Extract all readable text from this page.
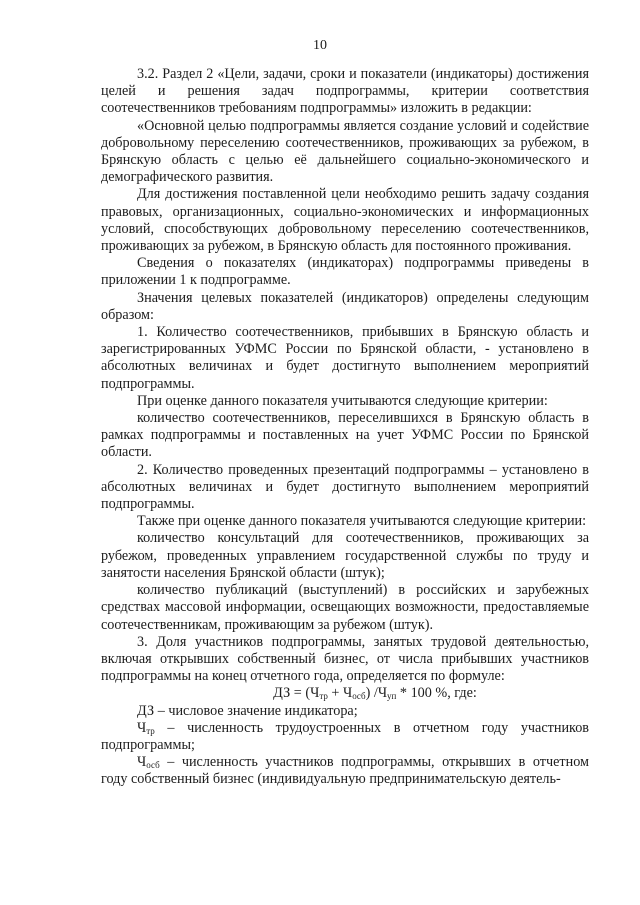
10

3.2. Раздел 2 «Цели, задачи, сроки и показатели (индикаторы) достижения целей и решения задач подпрограммы, критерии соответствия соотечественников требованиям подпрограммы» изложить в редакции:

«Основной целью подпрограммы является создание условий и содействие добровольному переселению соотечественников, проживающих за рубежом, в Брянскую область с целью её дальнейшего социально-экономического и демографического развития.

Для достижения поставленной цели необходимо решить задачу создания правовых, организационных, социально-экономических и информационных условий, способствующих добровольному переселению соотечественников, проживающих за рубежом, в Брянскую область для постоянного проживания.

Сведения о показателях (индикаторах) подпрограммы приведены в приложении 1 к подпрограмме.

Значения целевых показателей (индикаторов) определены следующим образом:

1. Количество соотечественников, прибывших в Брянскую область и зарегистрированных УФМС России по Брянской области, - установлено в абсолютных величинах и будет достигнуто выполнением мероприятий подпрограммы.

При оценке данного показателя учитываются следующие критерии:

количество соотечественников, переселившихся в Брянскую область в рамках подпрограммы и поставленных на учет УФМС России по Брянской области.

2. Количество проведенных презентаций подпрограммы – установлено в абсолютных величинах и будет достигнуто выполнением мероприятий подпрограммы.

Также при оценке данного показателя учитываются следующие критерии:

количество консультаций для соотечественников, проживающих за рубежом, проведенных управлением государственной службы по труду и занятости населения Брянской области (штук);

количество публикаций (выступлений) в российских и зарубежных средствах массовой информации, освещающих возможности, предоставляемые соотечественникам, проживающим за рубежом (штук).

3. Доля участников подпрограммы, занятых трудовой деятельностью, включая открывших собственный бизнес, от числа прибывших участников подпрограммы на конец отчетного года, определяется по формуле:

ДЗ = $(Ч_{тр} + Ч_{осб})$ $/Ч_{уп} * 100$ %, где:

ДЗ – числовое значение индикатора;

$Ч_{тр}$ – численность трудоустроенных в отчетном году участников подпрограммы;

$Ч_{осб}$ – численность участников подпрограммы, открывших в отчетном году собственный бизнес (индивидуальную предпринимательскую деятель-
